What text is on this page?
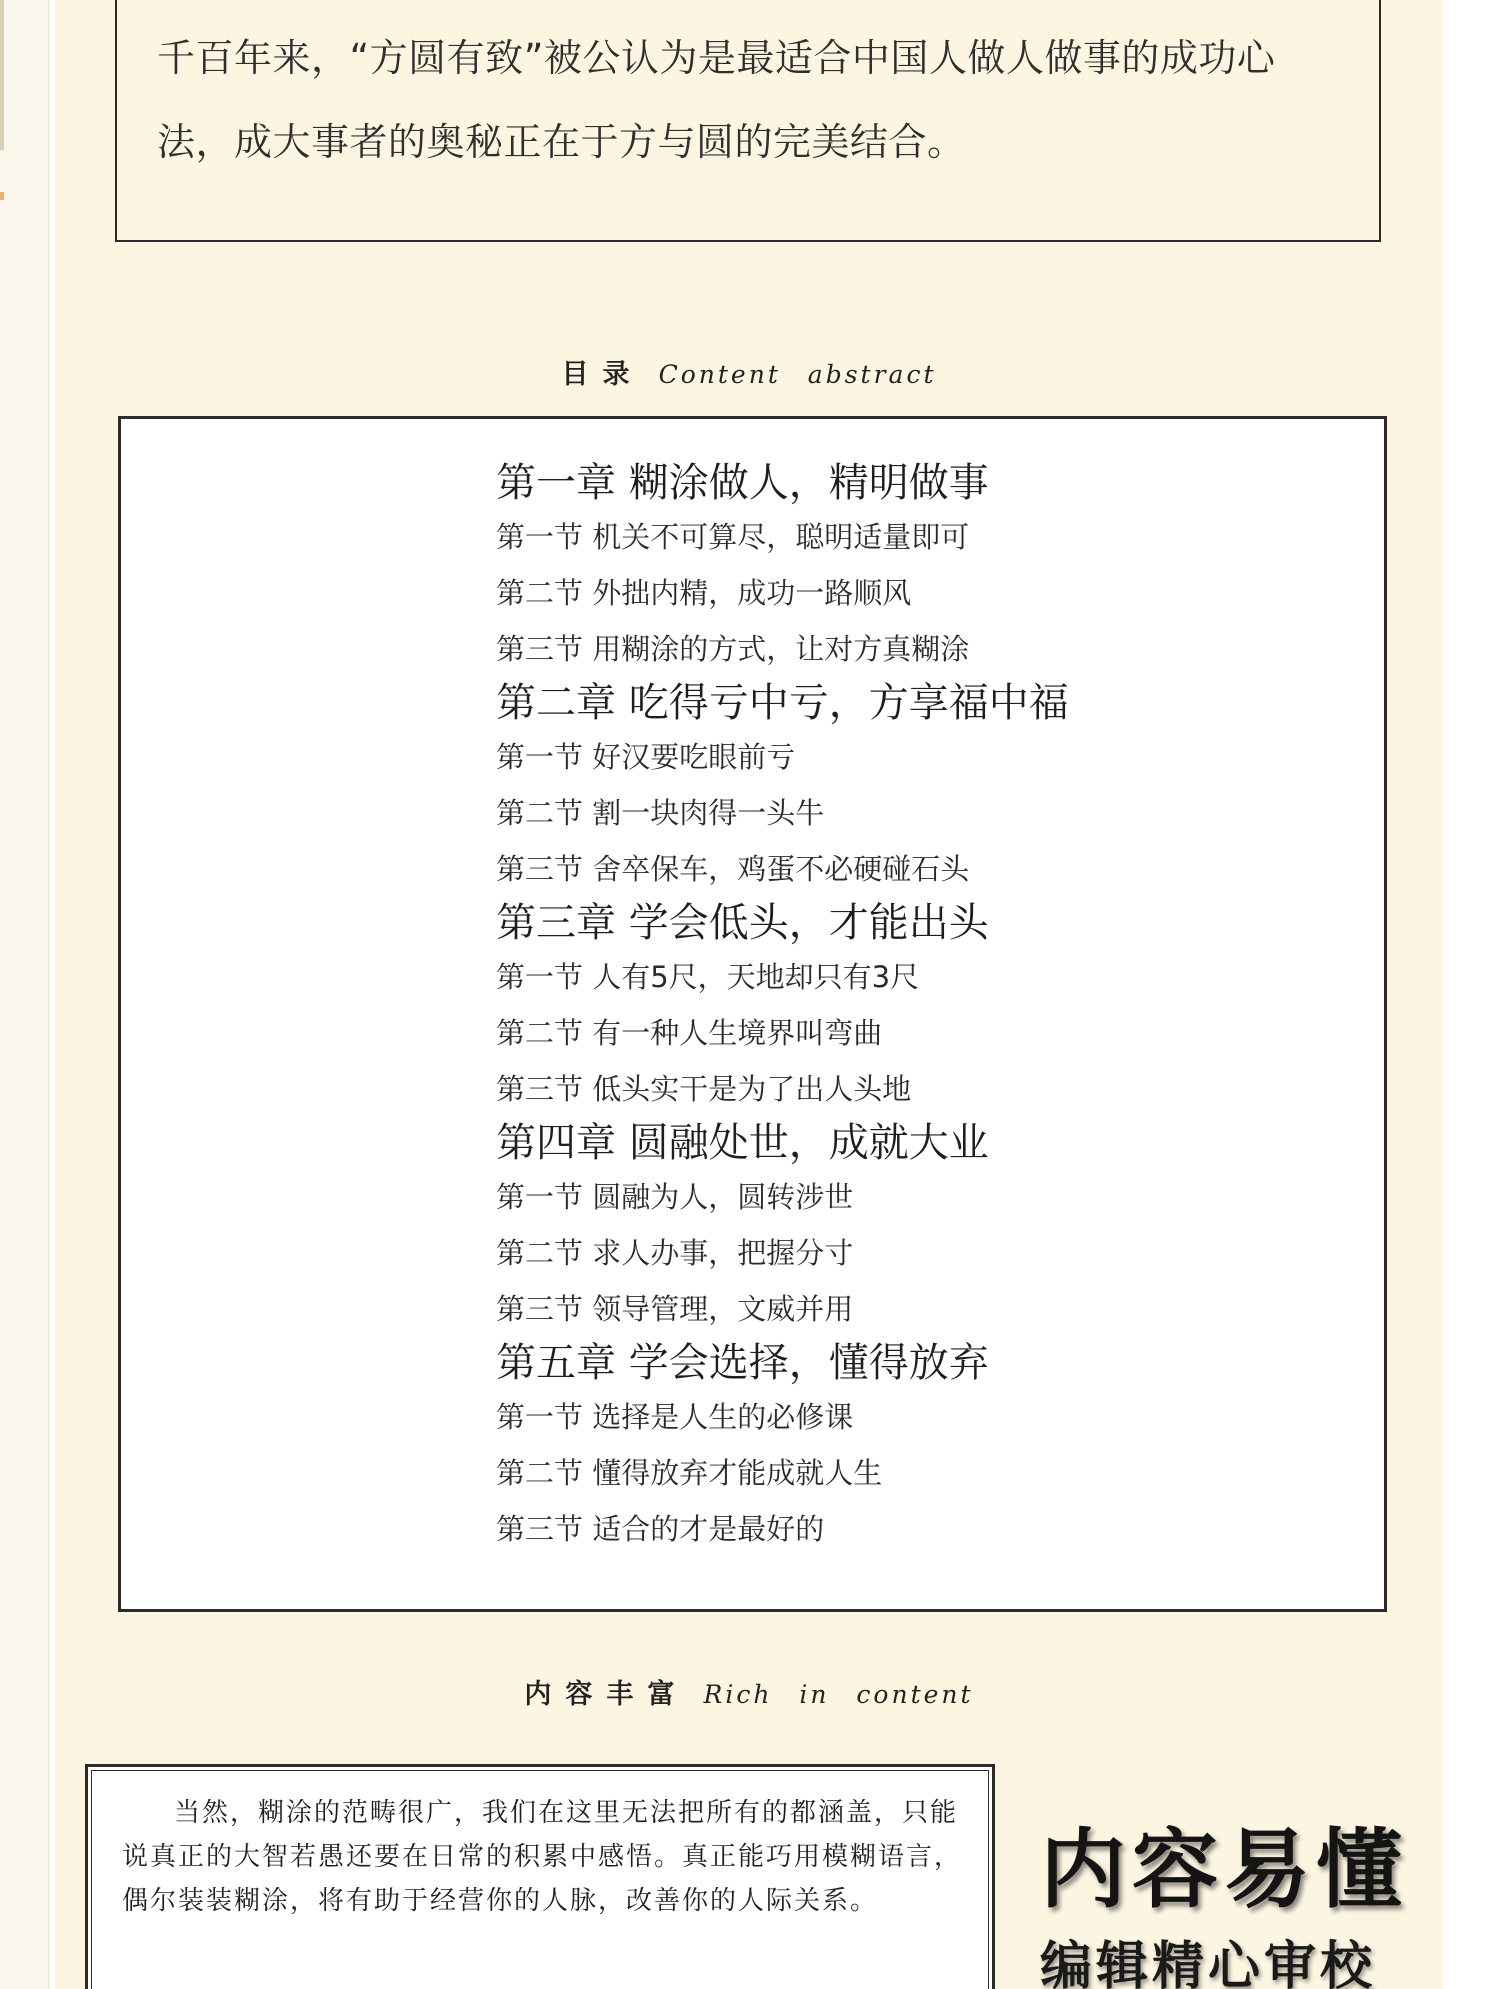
千百年来，“方圆有致”被公认为是最适合中国人做人做事的成功心法，成大事者的奥秘正在于方与圆的完美结合。
目录 Content abstract
第一章 糊涂做人，精明做事
第一节 机关不可算尽，聪明适量即可
第二节 外拙内精，成功一路顺风
第三节 用糊涂的方式，让对方真糊涂
第二章 吃得亏中亏，方享福中福
第一节 好汉要吃眼前亏
第二节 割一块肉得一头牛
第三节 舍卒保车，鸡蛋不必硬碰石头
第三章 学会低头，才能出头
第一节 人有5尺，天地却只有3尺
第二节 有一种人生境界叫弯曲
第三节 低头实干是为了出人头地
第四章 圆融处世，成就大业
第一节 圆融为人，圆转涉世
第二节 求人办事，把握分寸
第三节 领导管理，文威并用
第五章 学会选择，懂得放弃
第一节 选择是人生的必修课
第二节 懂得放弃才能成就人生
第三节 适合的才是最好的
内容丰富 Rich in content
当然，糊涂的范畴很广，我们在这里无法把所有的都涵盖，只能说真正的大智若愚还要在日常的积累中感悟。真正能巧用模糊语言，偶尔装装糊涂，将有助于经营你的人脉，改善你的人际关系。	内容易懂
编辑精心审校
